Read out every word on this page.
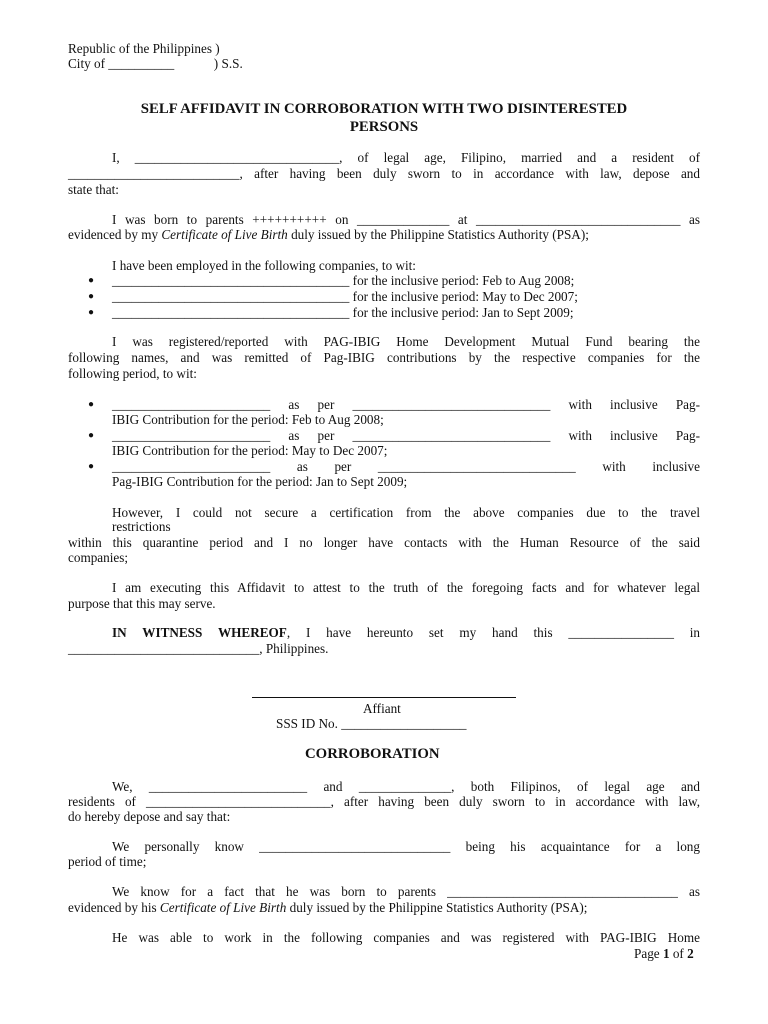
Republic of the Philippines )
City of __________            ) S.S.
SELF AFFIDAVIT IN CORROBORATION WITH TWO DISINTERESTED
PERSONS
I, _______________________________, of legal age, Filipino, married and a resident of
__________________________, after having been duly sworn to in accordance with law, depose and
state that:
I was born to parents ++++++++++ on ______________ at _______________________________ as
evidenced by my Certificate of Live Birth duly issued by the Philippine Statistics Authority (PSA);
I have been employed in the following companies, to wit:
● ____________________________________ for the inclusive period: Feb to Aug 2008;
● ____________________________________ for the inclusive period: May to Dec 2007;
● ____________________________________ for the inclusive period: Jan to Sept 2009;
I was registered/reported with PAG-IBIG Home Development Mutual Fund bearing the
following names, and was remitted of Pag-IBIG contributions by the respective companies for the
following period, to wit:
● ________________________ as per ______________________________ with inclusive Pag-
IBIG Contribution for the period: Feb to Aug 2008;
● ________________________ as per ______________________________ with inclusive Pag-
IBIG Contribution for the period: May to Dec 2007;
● ________________________ as per ______________________________ with inclusive
Pag-IBIG Contribution for the period: Jan to Sept 2009;
However, I could not secure a certification from the above companies due to the travel
restrictions
within this quarantine period and I no longer have contacts with the Human Resource of the said
companies;
I am executing this Affidavit to attest to the truth of the foregoing facts and for whatever legal
purpose that this may serve.
IN WITNESS WHEREOF, I have hereunto set my hand this ________________ in
_____________________________, Philippines.
Affiant
SSS ID No. ___________________
CORROBORATION
We, ________________________ and ______________, both Filipinos, of legal age and
residents of ____________________________, after having been duly sworn to in accordance with law,
do hereby depose and say that:
We personally know _____________________________ being his acquaintance for a long
period of time;
We know for a fact that he was born to parents ___________________________________ as
evidenced by his Certificate of Live Birth duly issued by the Philippine Statistics Authority (PSA);
He was able to work in the following companies and was registered with PAG-IBIG Home
Page 1 of 2
